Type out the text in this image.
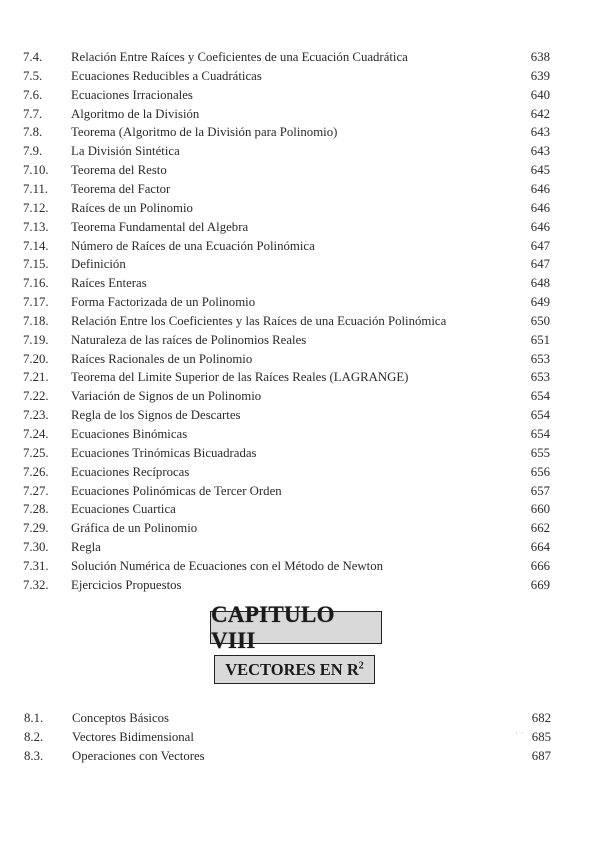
7.4. Relación Entre Raíces y Coeficientes de una Ecuación Cuadrática	638
7.5. Ecuaciones Reducibles a Cuadráticas	639
7.6. Ecuaciones Irracionales	640
7.7. Algoritmo de la División	642
7.8. Teorema (Algoritmo de la División para Polinomio)	643
7.9. La División Sintética	643
7.10. Teorema del Resto	645
7.11. Teorema del Factor	646
7.12. Raíces de un Polinomio	646
7.13. Teorema Fundamental del Algebra	646
7.14. Número de Raíces de una Ecuación Polinómica	647
7.15. Definición	647
7.16. Raíces Enteras	648
7.17. Forma Factorizada de un Polinomio	649
7.18. Relación Entre los Coeficientes y las Raíces de una Ecuación Polinómica	650
7.19. Naturaleza de las raíces de Polinomios Reales	651
7.20. Raíces Racionales de un Polinomio	653
7.21. Teorema del Limite Superior de las Raíces Reales (LAGRANGE)	653
7.22. Variación de Signos de un Polinomio	654
7.23. Regla de los Signos de Descartes	654
7.24. Ecuaciones Binómicas	654
7.25. Ecuaciones Trinómicas Bicuadradas	655
7.26. Ecuaciones Recíprocas	656
7.27. Ecuaciones Polinómicas de Tercer Orden	657
7.28. Ecuaciones Cuartica	660
7.29. Gráfica de un Polinomio	662
7.30. Regla	664
7.31. Solución Numérica de Ecuaciones con el Método de Newton	666
7.32. Ejercicios Propuestos	669
CAPITULO VIII
VECTORES EN $R^2$
8.1. Conceptos Básicos	682
8.2. Vectores Bidimensional	685
8.3. Operaciones con Vectores	687
· ·
